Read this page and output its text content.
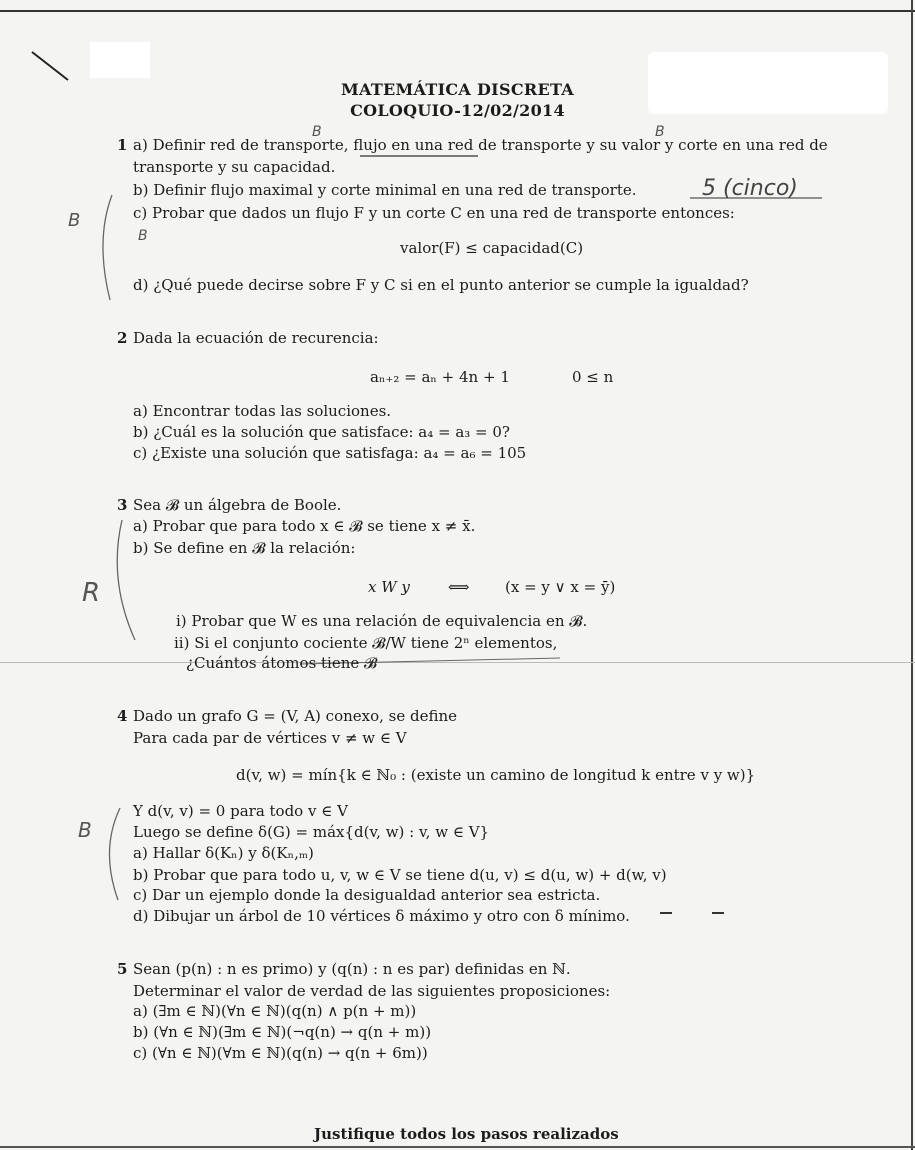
B	B
B
B
B
R
5 (cinco)
MATEMÁTICA DISCRETA
COLOQUIO-12/02/2014
1 a) Definir red de transporte, flujo en una red de transporte y su valor y corte en una red de
transporte y su capacidad.
b) Definir flujo maximal y corte minimal en una red de transporte.
c) Probar que dados un flujo F y un corte C en una red de transporte entonces:
valor(F) ≤ capacidad(C)
d) ¿Qué puede decirse sobre F y C si en el punto anterior se cumple la igualdad?
2 Dada la ecuación de recurencia:
aₙ₊₂ = aₙ + 4n + 1	0 ≤ n
a) Encontrar todas las soluciones.
b) ¿Cuál es la solución que satisface: a₄ = a₃ = 0?
c) ¿Existe una solución que satisfaga: a₄ = a₆ = 105
3 Sea 𝓑 un álgebra de Boole.
a) Probar que para todo x ∈ 𝓑 se tiene x ≠ x̄.
b) Se define en 𝓑 la relación:
x W y	⟺ (x = y ∨ x = ȳ)
i) Probar que W es una relación de equivalencia en 𝓑.
ii) Si el conjunto cociente 𝓑/W tiene 2ⁿ elementos,
¿Cuántos átomos tiene 𝓑
4 Dado un grafo G = (V, A) conexo, se define
Para cada par de vértices v ≠ w ∈ V
d(v, w) = mín{k ∈ ℕ₀ : (existe un camino de longitud k entre v y w)}
Y d(v, v) = 0 para todo v ∈ V
Luego se define δ(G) = máx{d(v, w) : v, w ∈ V}
a) Hallar δ(Kₙ) y δ(Kₙ,ₘ)
b) Probar que para todo u, v, w ∈ V se tiene d(u, v) ≤ d(u, w) + d(w, v)
c) Dar un ejemplo donde la desigualdad anterior sea estricta.
d) Dibujar un árbol de 10 vértices δ máximo y otro con δ mínimo.
5 Sean (p(n) : n es primo) y (q(n) : n es par) definidas en ℕ.
Determinar el valor de verdad de las siguientes proposiciones:
a) (∃m ∈ ℕ)(∀n ∈ ℕ)(q(n) ∧ p(n + m))
b) (∀n ∈ ℕ)(∃m ∈ ℕ)(¬q(n) → q(n + m))
c) (∀n ∈ ℕ)(∀m ∈ ℕ)(q(n) → q(n + 6m))
Justifique todos los pasos realizados
